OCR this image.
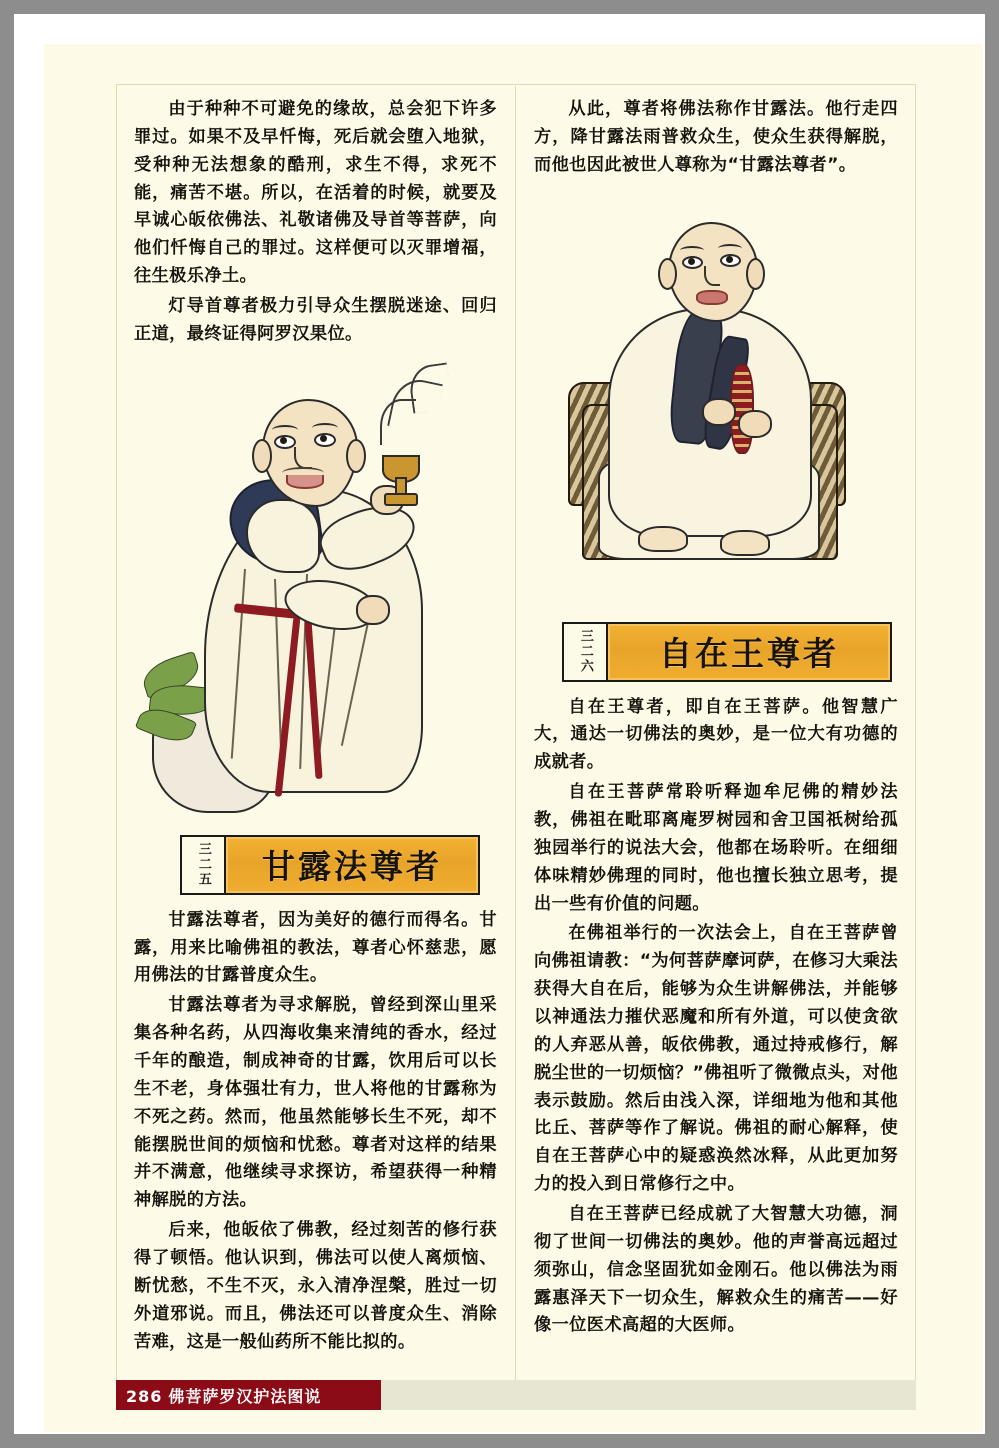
由于种种不可避免的缘故，总会犯下许多罪过。如果不及早忏悔，死后就会堕入地狱，受种种无法想象的酷刑，求生不得，求死不能，痛苦不堪。所以，在活着的时候，就要及早诚心皈依佛法、礼敬诸佛及导首等菩萨，向他们忏悔自己的罪过。这样便可以灭罪增福，往生极乐净土。

灯导首尊者极力引导众生摆脱迷途、回归正道，最终证得阿罗汉果位。

三二五 甘露法尊者

甘露法尊者，因为美好的德行而得名。甘露，用来比喻佛祖的教法，尊者心怀慈悲，愿用佛法的甘露普度众生。

甘露法尊者为寻求解脱，曾经到深山里采集各种名药，从四海收集来清纯的香水，经过千年的酿造，制成神奇的甘露，饮用后可以长生不老，身体强壮有力，世人将他的甘露称为不死之药。然而，他虽然能够长生不死，却不能摆脱世间的烦恼和忧愁。尊者对这样的结果并不满意，他继续寻求探访，希望获得一种精神解脱的方法。

后来，他皈依了佛教，经过刻苦的修行获得了顿悟。他认识到，佛法可以使人离烦恼、断忧愁，不生不灭，永入清净涅槃，胜过一切外道邪说。而且，佛法还可以普度众生、消除苦难，这是一般仙药所不能比拟的。

从此，尊者将佛法称作甘露法。他行走四方，降甘露法雨普救众生，使众生获得解脱，而他也因此被世人尊称为“甘露法尊者”。

三二六 自在王尊者

自在王尊者，即自在王菩萨。他智慧广大，通达一切佛法的奥妙，是一位大有功德的成就者。

自在王菩萨常聆听释迦牟尼佛的精妙法教，佛祖在毗耶离庵罗树园和舍卫国祇树给孤独园举行的说法大会，他都在场聆听。在细细体味精妙佛理的同时，他也擅长独立思考，提出一些有价值的问题。

在佛祖举行的一次法会上，自在王菩萨曾向佛祖请教：“为何菩萨摩诃萨，在修习大乘法获得大自在后，能够为众生讲解佛法，并能够以神通法力摧伏恶魔和所有外道，可以使贪欲的人弃恶从善，皈依佛教，通过持戒修行，解脱尘世的一切烦恼？”佛祖听了微微点头，对他表示鼓励。然后由浅入深，详细地为他和其他比丘、菩萨等作了解说。佛祖的耐心解释，使自在王菩萨心中的疑惑涣然冰释，从此更加努力的投入到日常修行之中。

自在王菩萨已经成就了大智慧大功德，洞彻了世间一切佛法的奥妙。他的声誉高远超过须弥山，信念坚固犹如金刚石。他以佛法为雨露惠泽天下一切众生，解救众生的痛苦——好像一位医术高超的大医师。

286 佛菩萨罗汉护法图说
